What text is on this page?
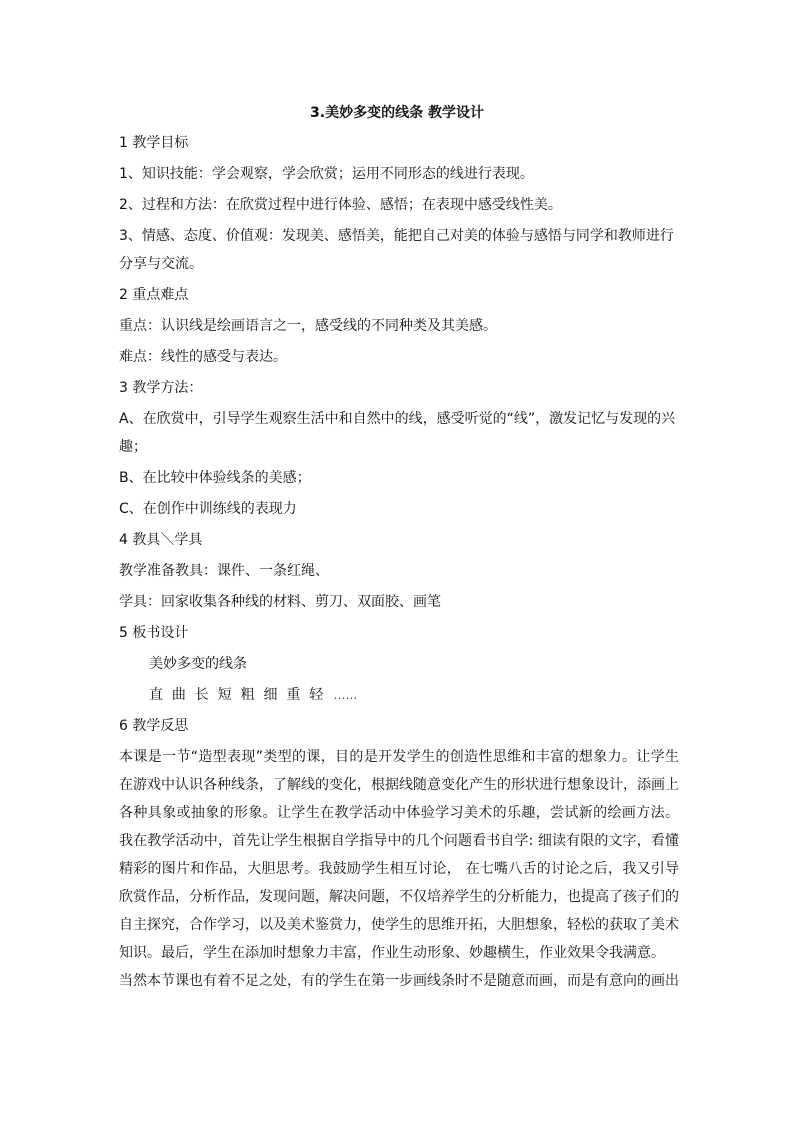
3.美妙多变的线条 教学设计
1 教学目标
1、知识技能：学会观察，学会欣赏；运用不同形态的线进行表现。
2、过程和方法：在欣赏过程中进行体验、感悟；在表现中感受线性美。
3、情感、态度、价值观：发现美、感悟美，能把自己对美的体验与感悟与同学和教师进行分享与交流。
2 重点难点
重点：认识线是绘画语言之一，感受线的不同种类及其美感。
难点：线性的感受与表达。
3 教学方法：
A、在欣赏中，引导学生观察生活中和自然中的线，感受听觉的“线”，激发记忆与发现的兴趣；
B、在比较中体验线条的美感；
C、在创作中训练线的表现力
4 教具＼学具
教学准备教具：课件、一条红绳、
学具：回家收集各种线的材料、剪刀、双面胶、画笔
5 板书设计
美妙多变的线条
直  曲  长  短  粗  细  重  轻 ……
6 教学反思
本课是一节“造型表现”类型的课，目的是开发学生的创造性思维和丰富的想象力。让学生在游戏中认识各种线条，了解线的变化，根据线随意变化产生的形状进行想象设计，添画上各种具象或抽象的形象。让学生在教学活动中体验学习美术的乐趣，尝试新的绘画方法。 我在教学活动中，首先让学生根据自学指导中的几个问题看书自学: 细读有限的文字，看懂精彩的图片和作品，大胆思考。我鼓励学生相互讨论， 在七嘴八舌的讨论之后，我又引导欣赏作品，分析作品，发现问题，解决问题，不仅培养学生的分析能力，也提高了孩子们的自主探究，合作学习，以及美术鉴赏力，使学生的思维开拓，大胆想象，轻松的获取了美术知识。最后，学生在添加时想象力丰富，作业生动形象、妙趣横生，作业效果令我满意。
当然本节课也有着不足之处，有的学生在第一步画线条时不是随意而画，而是有意向的画出
